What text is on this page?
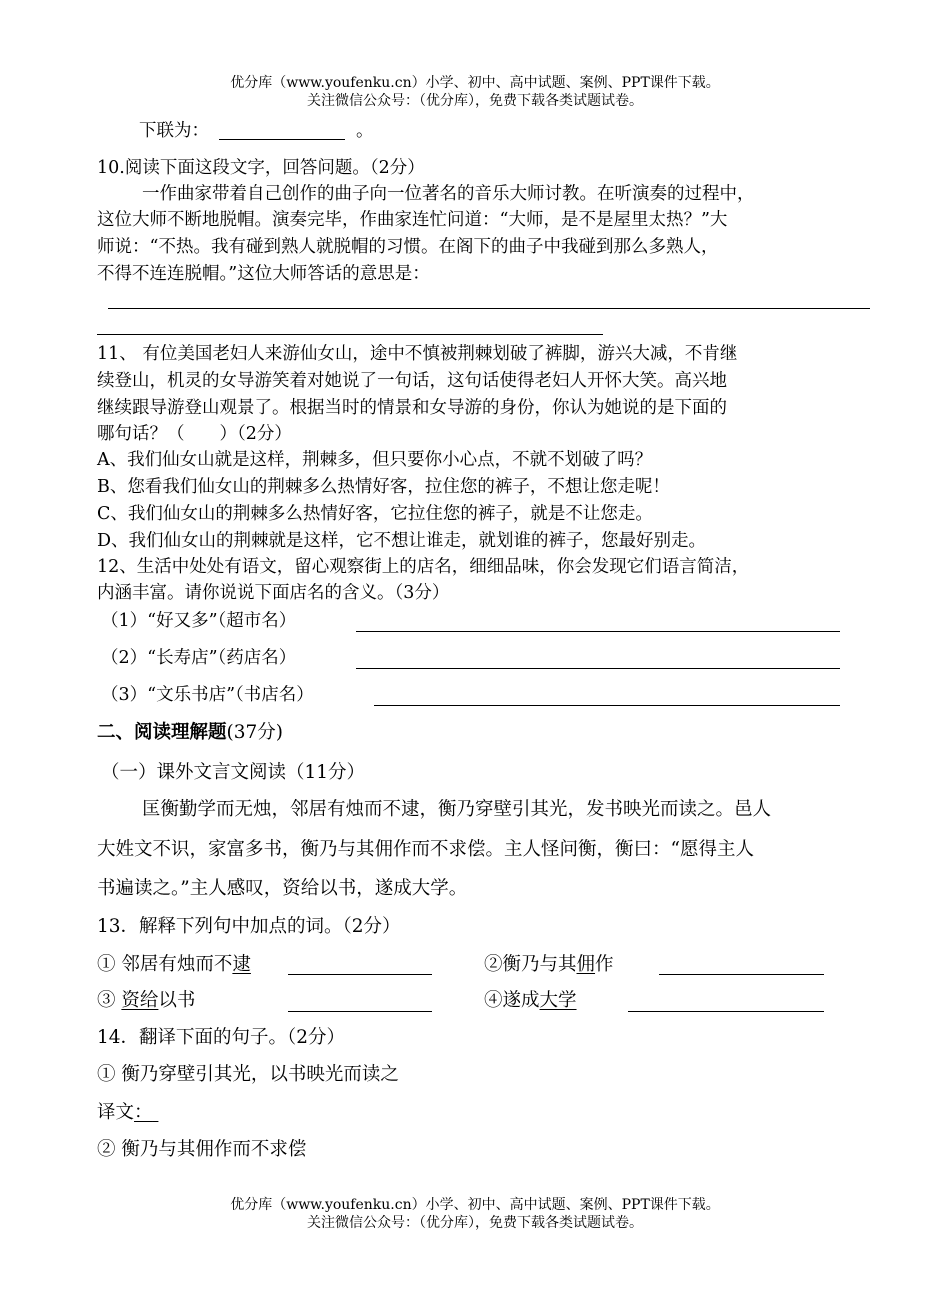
优分库（www.youfenku.cn）小学、初中、高中试题、案例、PPT课件下载。
关注微信公众号：（优分库），免费下载各类试题试卷。
下联为：	。
10.阅读下面这段文字，回答问题。（2分）
一作曲家带着自己创作的曲子向一位著名的音乐大师讨教。在听演奏的过程中，
这位大师不断地脱帽。演奏完毕，作曲家连忙问道：“大师，是不是屋里太热？”大
师说：“不热。我有碰到熟人就脱帽的习惯。在阁下的曲子中我碰到那么多熟人，
不得不连连脱帽。”这位大师答话的意思是：
11、 有位美国老妇人来游仙女山，途中不慎被荆棘划破了裤脚，游兴大减，不肯继
续登山，机灵的女导游笑着对她说了一句话，这句话使得老妇人开怀大笑。高兴地
继续跟导游登山观景了。根据当时的情景和女导游的身份，你认为她说的是下面的
哪句话？（　　）（2分）
A、我们仙女山就是这样，荆棘多，但只要你小心点，不就不划破了吗？
B、您看我们仙女山的荆棘多么热情好客，拉住您的裤子，不想让您走呢！
C、我们仙女山的荆棘多么热情好客，它拉住您的裤子，就是不让您走。
D、我们仙女山的荆棘就是这样，它不想让谁走，就划谁的裤子，您最好别走。
12、生活中处处有语文，留心观察街上的店名，细细品味，你会发现它们语言简洁，
内涵丰富。请你说说下面店名的含义。（3分）
（1）“好又多”（超市名）
（2）“长寿店”（药店名）
（3）“文乐书店”（书店名）
二、阅读理解题(37分)
（一）课外文言文阅读（11分）
匡衡勤学而无烛，邻居有烛而不逮，衡乃穿壁引其光，发书映光而读之。邑人
大姓文不识，家富多书，衡乃与其佣作而不求偿。主人怪问衡，衡曰：“愿得主人
书遍读之。”主人感叹，资给以书，遂成大学。
13．解释下列句中加点的词。（2分）
① 邻居有烛而不逮	②衡乃与其佣作
③ 资给以书	④遂成大学
14．翻译下面的句子。（2分）
① 衡乃穿壁引其光，以书映光而读之
译文：
② 衡乃与其佣作而不求偿
优分库（www.youfenku.cn）小学、初中、高中试题、案例、PPT课件下载。
关注微信公众号：（优分库），免费下载各类试题试卷。
